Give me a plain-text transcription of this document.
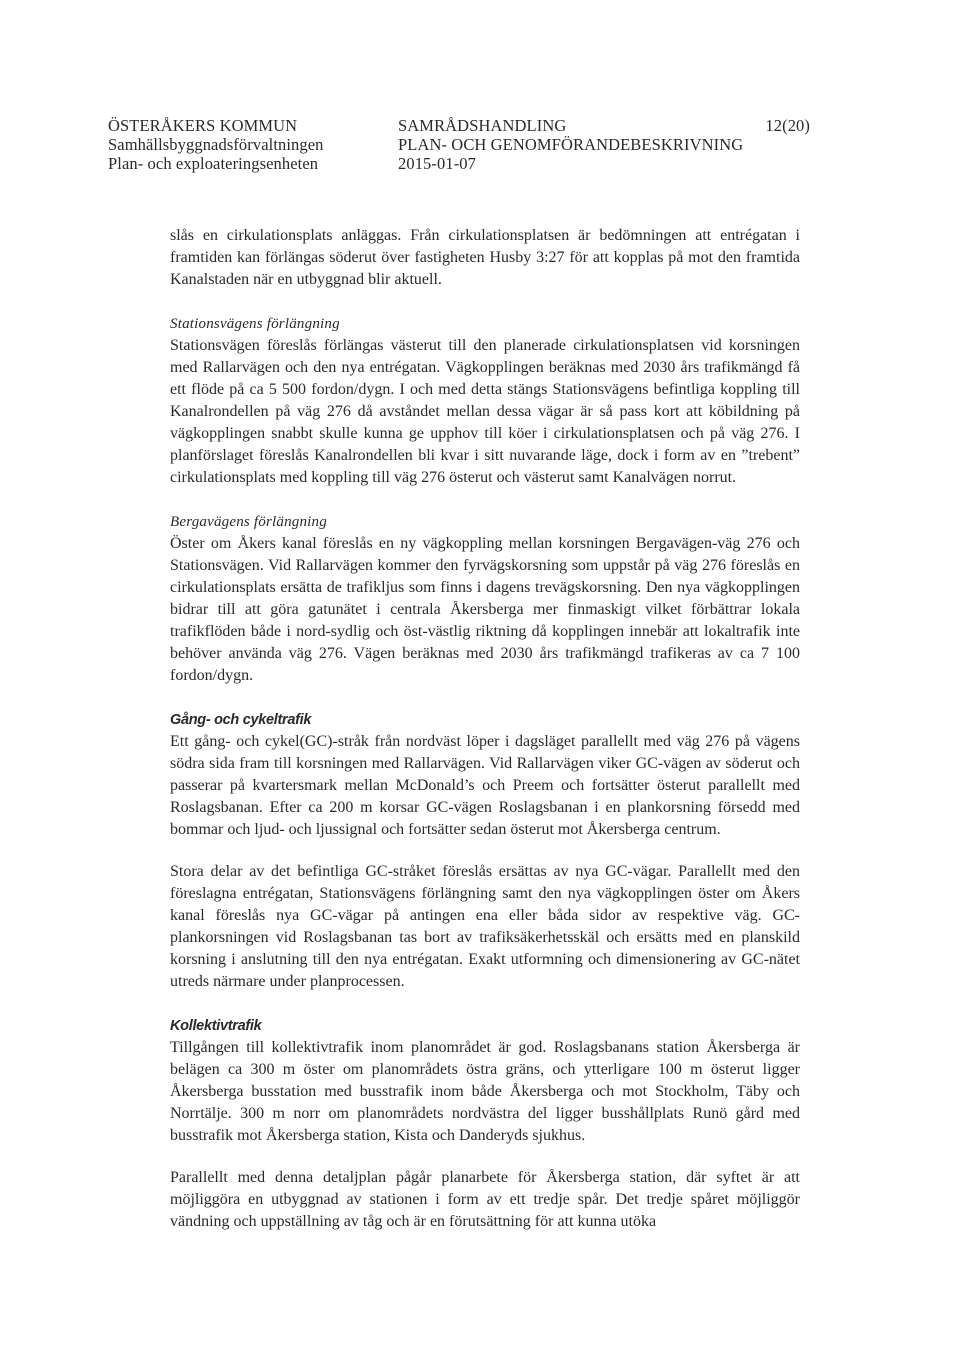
ÖSTERÅKERS KOMMUN
Samhällsbyggnadsförvaltningen
Plan- och exploateringsenheten
SAMRÅDSHANDLING
PLAN- OCH GENOMFÖRANDEBESKRIVNING
2015-01-07
12(20)

slås en cirkulationsplats anläggas. Från cirkulationsplatsen är bedömningen att entrégatan i framtiden kan förlängas söderut över fastigheten Husby 3:27 för att kopplas på mot den framtida Kanalstaden när en utbyggnad blir aktuell.

Stationsvägens förlängning

Stationsvägen föreslås förlängas västerut till den planerade cirkulationsplatsen vid korsningen med Rallarvägen och den nya entrégatan. Vägkopplingen beräknas med 2030 års trafikmängd få ett flöde på ca 5 500 fordon/dygn. I och med detta stängs Stationsvägens befintliga koppling till Kanalrondellen på väg 276 då avståndet mellan dessa vägar är så pass kort att köbildning på vägkopplingen snabbt skulle kunna ge upphov till köer i cirkulationsplatsen och på väg 276. I planförslaget föreslås Kanalrondellen bli kvar i sitt nuvarande läge, dock i form av en ”trebent” cirkulationsplats med koppling till väg 276 österut och västerut samt Kanalvägen norrut.

Bergavägens förlängning

Öster om Åkers kanal föreslås en ny vägkoppling mellan korsningen Bergavägen-väg 276 och Stationsvägen. Vid Rallarvägen kommer den fyrvägskorsning som uppstår på väg 276 föreslås en cirkulationsplats ersätta de trafikljus som finns i dagens trevägskorsning. Den nya vägkopplingen bidrar till att göra gatunätet i centrala Åkersberga mer finmaskigt vilket förbättrar lokala trafikflöden både i nord-sydlig och öst-västlig riktning då kopplingen innebär att lokaltrafik inte behöver använda väg 276. Vägen beräknas med 2030 års trafikmängd trafikeras av ca 7 100 fordon/dygn.

Gång- och cykeltrafik

Ett gång- och cykel(GC)-stråk från nordväst löper i dagsläget parallellt med väg 276 på vägens södra sida fram till korsningen med Rallarvägen. Vid Rallarvägen viker GC-vägen av söderut och passerar på kvartersmark mellan McDonald’s och Preem och fortsätter österut parallellt med Roslagsbanan. Efter ca 200 m korsar GC-vägen Roslagsbanan i en plankorsning försedd med bommar och ljud- och ljussignal och fortsätter sedan österut mot Åkersberga centrum.

Stora delar av det befintliga GC-stråket föreslås ersättas av nya GC-vägar. Parallellt med den föreslagna entrégatan, Stationsvägens förlängning samt den nya vägkopplingen öster om Åkers kanal föreslås nya GC-vägar på antingen ena eller båda sidor av respektive väg. GC-plankorsningen vid Roslagsbanan tas bort av trafiksäkerhetsskäl och ersätts med en planskild korsning i anslutning till den nya entrégatan. Exakt utformning och dimensionering av GC-nätet utreds närmare under planprocessen.

Kollektivtrafik

Tillgången till kollektivtrafik inom planområdet är god. Roslagsbanans station Åkersberga är belägen ca 300 m öster om planområdets östra gräns, och ytterligare 100 m österut ligger Åkersberga busstation med busstrafik inom både Åkersberga och mot Stockholm, Täby och Norrtälje. 300 m norr om planområdets nordvästra del ligger busshållplats Runö gård med busstrafik mot Åkersberga station, Kista och Danderyds sjukhus.

Parallellt med denna detaljplan pågår planarbete för Åkersberga station, där syftet är att möjliggöra en utbyggnad av stationen i form av ett tredje spår. Det tredje spåret möjliggör vändning och uppställning av tåg och är en förutsättning för att kunna utöka
